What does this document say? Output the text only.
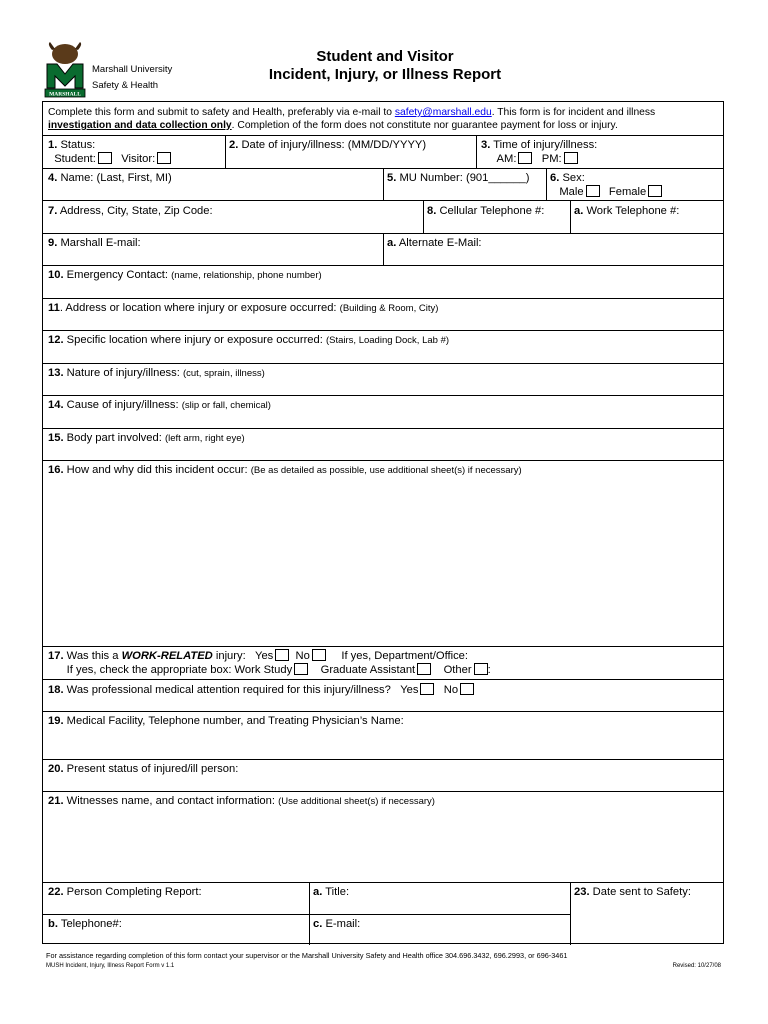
MARSHALL
Marshall University
Safety & Health
Student and Visitor
Incident, Injury, or Illness Report
Complete this form and submit to safety and Health, preferably via e-mail to safety@marshall.edu. This form is for incident and illness
investigation and data collection only. Completion of the form does not constitute nor guarantee payment for loss or injury.
1. Status:
Student: Visitor:
2. Date of injury/illness: (MM/DD/YYYY)	3. Time of injury/illness:
AM: PM:
4. Name: (Last, First, MI)	5. MU Number: (901______) 6. Sex:
Male Female
7. Address, City, State, Zip Code:	8. Cellular Telephone #:	a. Work Telephone #:
9. Marshall E-mail:	a. Alternate E-Mail:
10. Emergency Contact: (name, relationship, phone number)
11. Address or location where injury or exposure occurred: (Building & Room, City)
12. Specific location where injury or exposure occurred: (Stairs, Loading Dock, Lab #)
13. Nature of injury/illness: (cut, sprain, illness)
14. Cause of injury/illness: (slip or fall, chemical)
15. Body part involved: (left arm, right eye)
16. How and why did this incident occur: (Be as detailed as possible, use additional sheet(s) if necessary)
17. Was this a WORK-RELATED injury: Yes No	If yes, Department/Office:
If yes, check the appropriate box: Work Study	Graduate Assistant	Other :
18. Was professional medical attention required for this injury/illness? Yes No
19. Medical Facility, Telephone number, and Treating Physician’s Name:
20. Present status of injured/ill person:
21. Witnesses name, and contact information: (Use additional sheet(s) if necessary)
22. Person Completing Report:	a. Title:	23. Date sent to Safety:
b. Telephone#:	c. E-mail:
For assistance regarding completion of this form contact your supervisor or the Marshall University Safety and Health office 304.696.3432, 696.2993, or 696-3461
MUSH Incident, Injury, Illness Report Form v 1.1	Revised: 10/27/08
